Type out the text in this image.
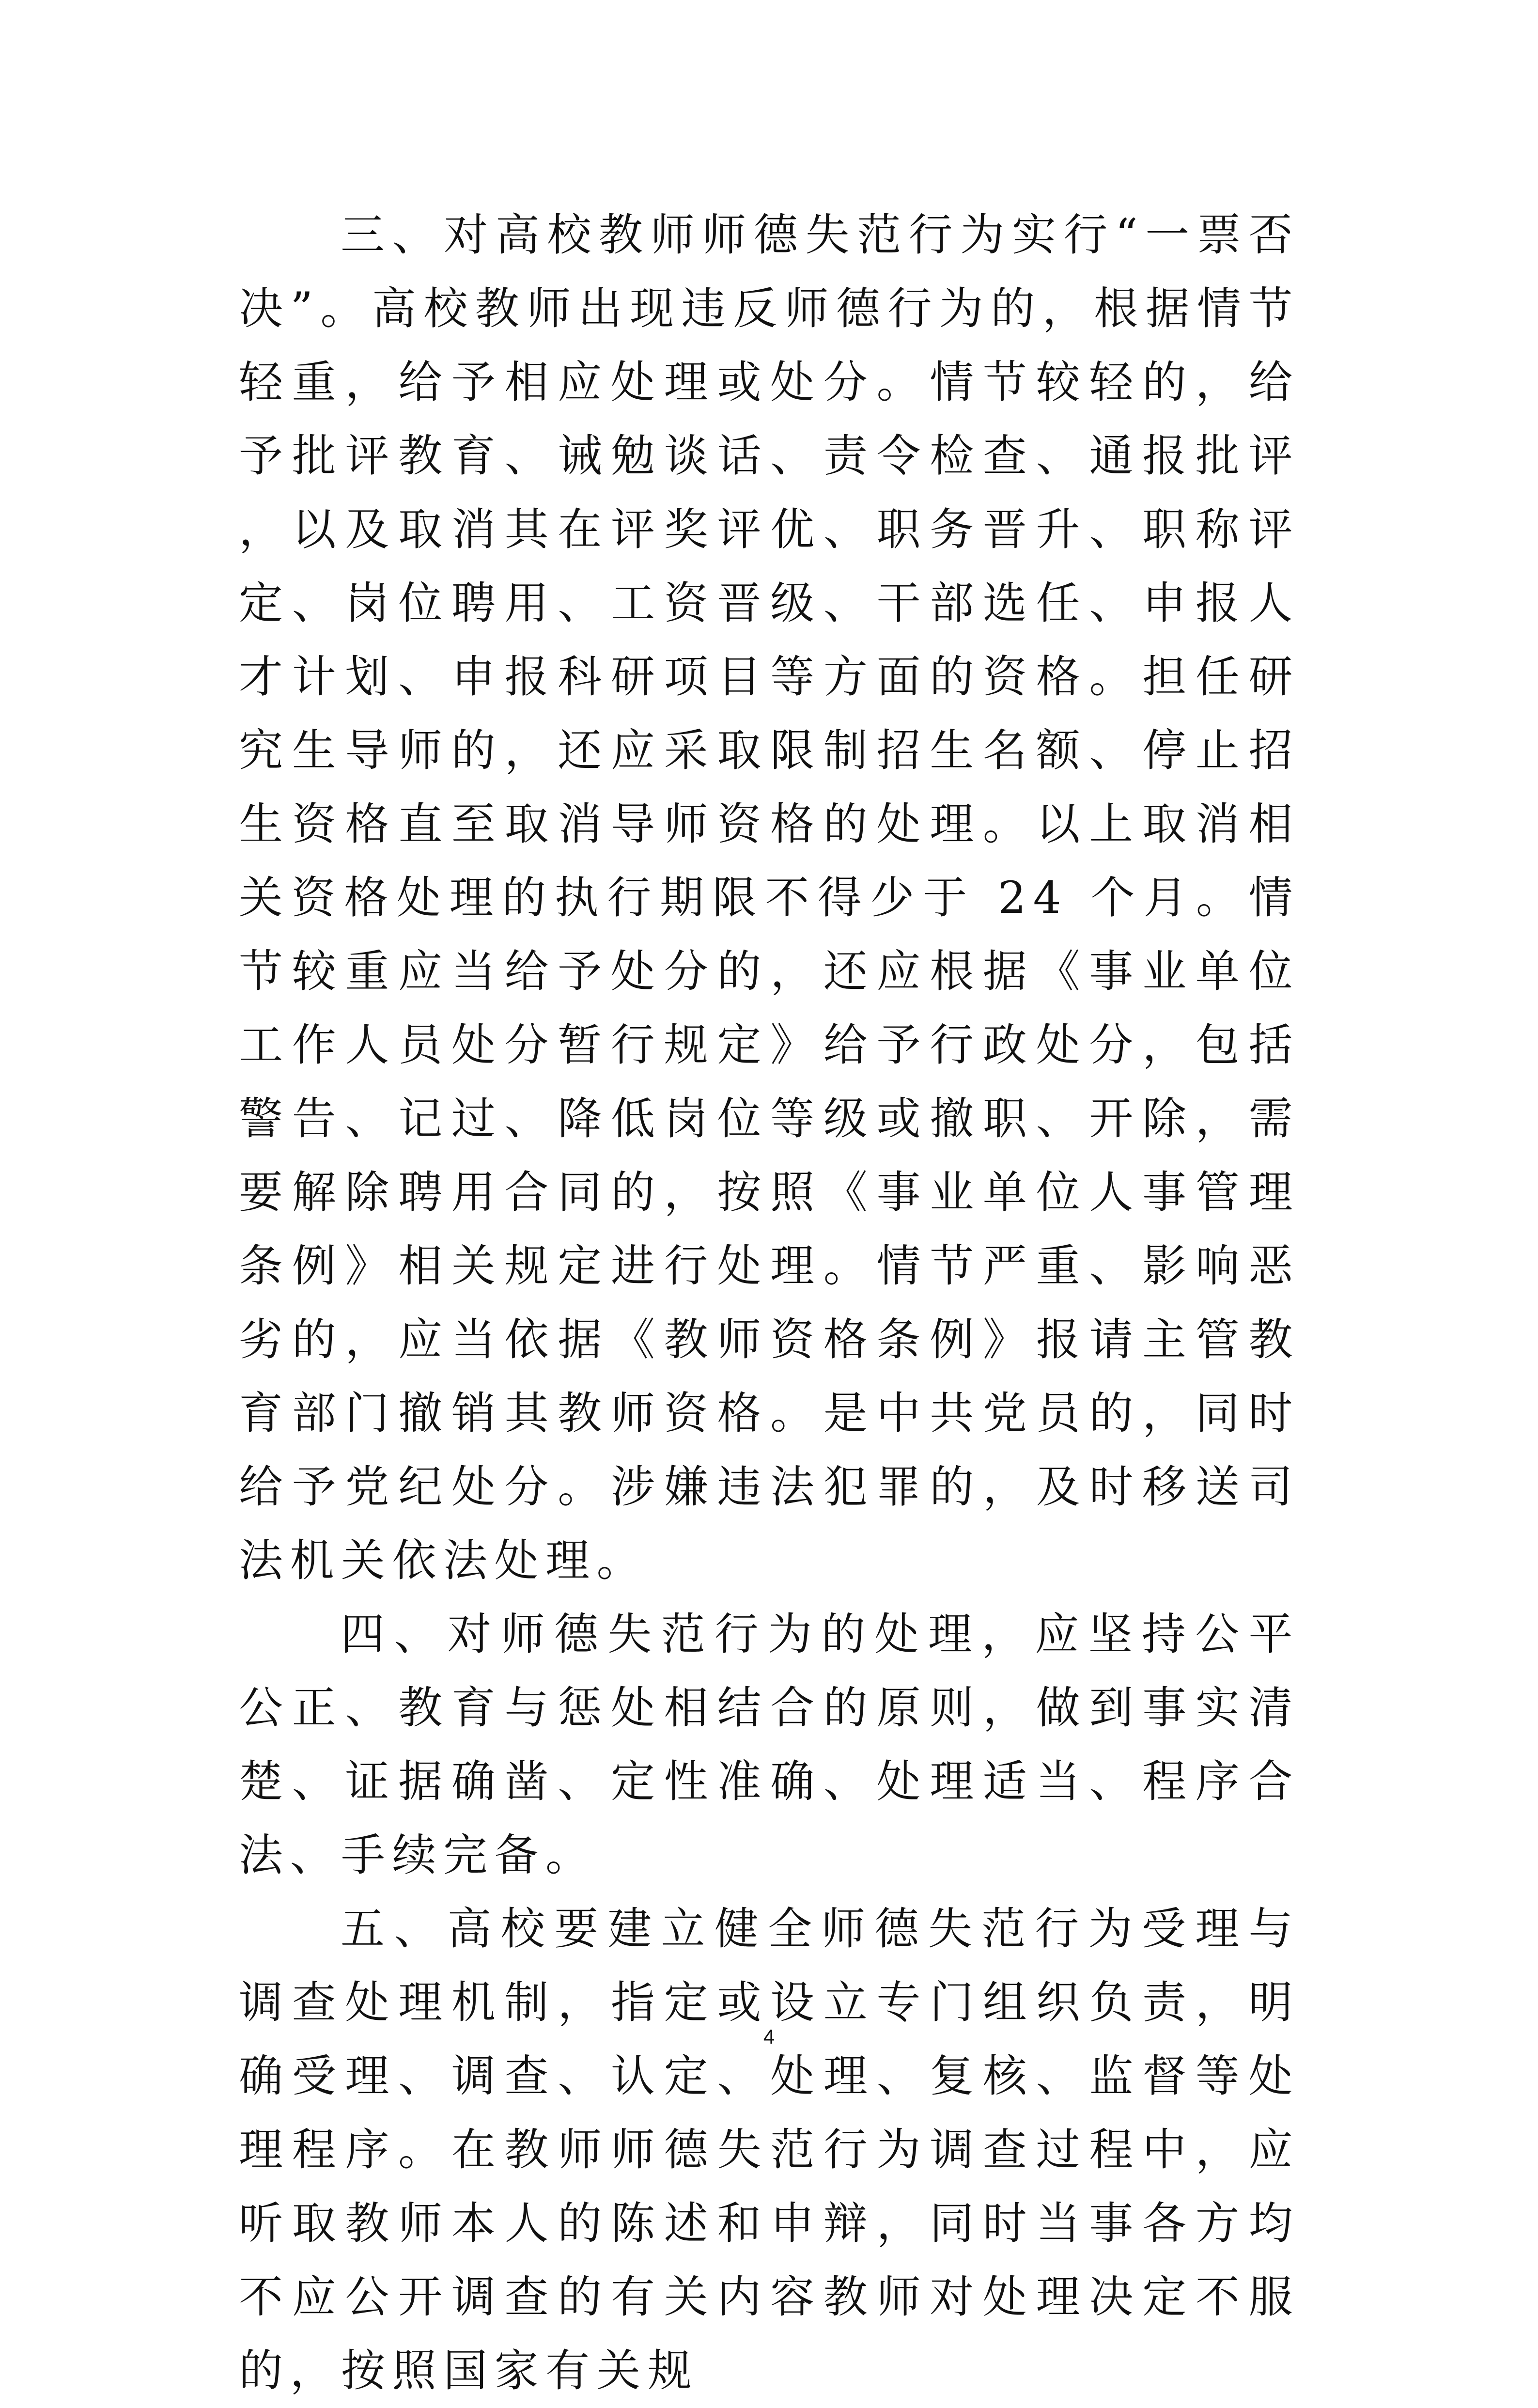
三、对高校教师师德失范行为实行“一票否决”。高校教师出现违反师德行为的，根据情节轻重，给予相应处理或处分。情节较轻的，给予批评教育、诫勉谈话、责令检查、通报批评，以及取消其在评奖评优、职务晋升、职称评定、岗位聘用、工资晋级、干部选任、申报人才计划、申报科研项目等方面的资格。担任研究生导师的，还应采取限制招生名额、停止招生资格直至取消导师资格的处理。以上取消相关资格处理的执行期限不得少于 24 个月。情节较重应当给予处分的，还应根据《事业单位工作人员处分暂行规定》给予行政处分，包括警告、记过、降低岗位等级或撤职、开除，需要解除聘用合同的，按照《事业单位人事管理条例》相关规定进行处理。情节严重、影响恶劣的，应当依据《教师资格条例》报请主管教育部门撤销其教师资格。是中共党员的，同时给予党纪处分。涉嫌违法犯罪的，及时移送司法机关依法处理。

四、对师德失范行为的处理，应坚持公平公正、教育与惩处相结合的原则，做到事实清楚、证据确凿、定性准确、处理适当、程序合法、手续完备。

五、高校要建立健全师德失范行为受理与调查处理机制，指定或设立专门组织负责，明确受理、调查、认定、处理、复核、监督等处理程序。在教师师德失范行为调查过程中，应听取教师本人的陈述和申辩，同时当事各方均不应公开调查的有关内容教师对处理决定不服的，按照国家有关规

4
